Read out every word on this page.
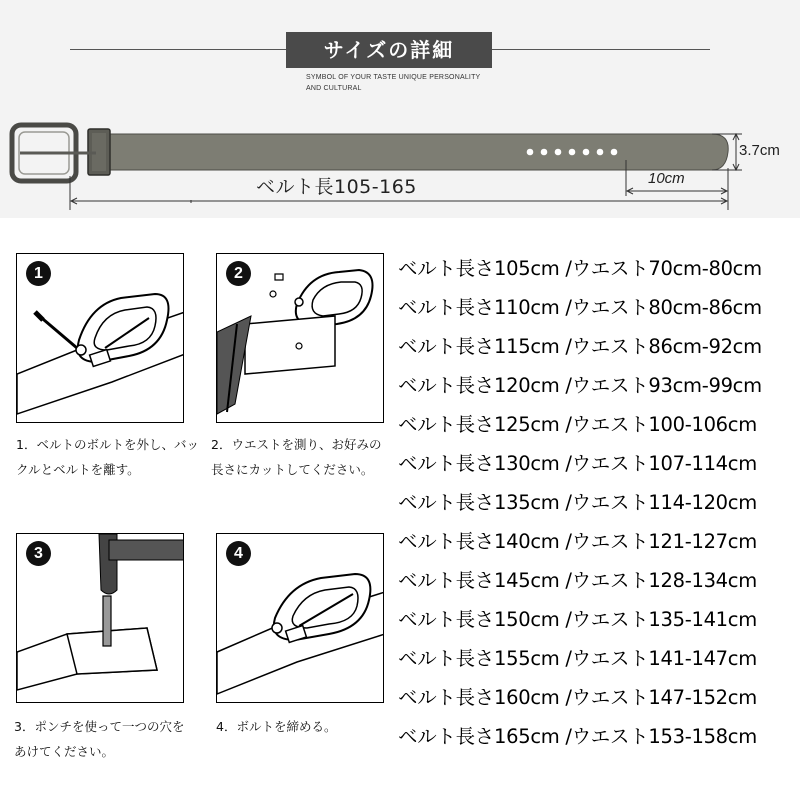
サイズの詳細
SYMBOL OF YOUR TASTE UNIQUE PERSONALITY AND CULTURAL
ベルト長105-165
3.7cm
10cm
1	2
3	4
1．ベルトのボルトを外し、バックルとベルトを離す。
2．ウエストを測り、お好みの長さにカットしてください。
3．ポンチを使って一つの穴をあけてください。
4．ボルトを締める。
ベルト長さ105cm /ウエスト70cm-80cm
ベルト長さ110cm /ウエスト80cm-86cm
ベルト長さ115cm /ウエスト86cm-92cm
ベルト長さ120cm /ウエスト93cm-99cm
ベルト長さ125cm /ウエスト100-106cm
ベルト長さ130cm /ウエスト107-114cm
ベルト長さ135cm /ウエスト114-120cm
ベルト長さ140cm /ウエスト121-127cm
ベルト長さ145cm /ウエスト128-134cm
ベルト長さ150cm /ウエスト135-141cm
ベルト長さ155cm /ウエスト141-147cm
ベルト長さ160cm /ウエスト147-152cm
ベルト長さ165cm /ウエスト153-158cm
